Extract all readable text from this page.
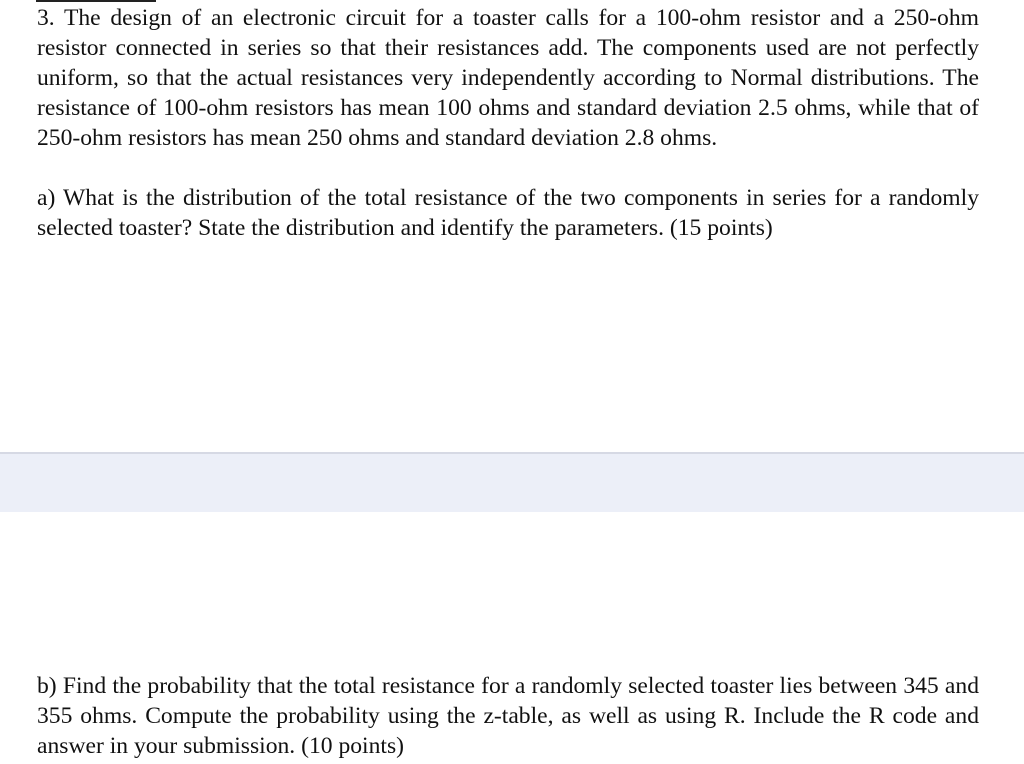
3. The design of an electronic circuit for a toaster calls for a 100-ohm resistor and a 250-ohm resistor connected in series so that their resistances add. The components used are not perfectly uniform, so that the actual resistances very independently according to Normal distributions. The resistance of 100-ohm resistors has mean 100 ohms and standard deviation 2.5 ohms, while that of 250-ohm resistors has mean 250 ohms and standard deviation 2.8 ohms.

a) What is the distribution of the total resistance of the two components in series for a randomly selected toaster? State the distribution and identify the parameters. (15 points)

b) Find the probability that the total resistance for a randomly selected toaster lies between 345 and 355 ohms. Compute the probability using the z-table, as well as using R. Include the R code and answer in your submission. (10 points)
